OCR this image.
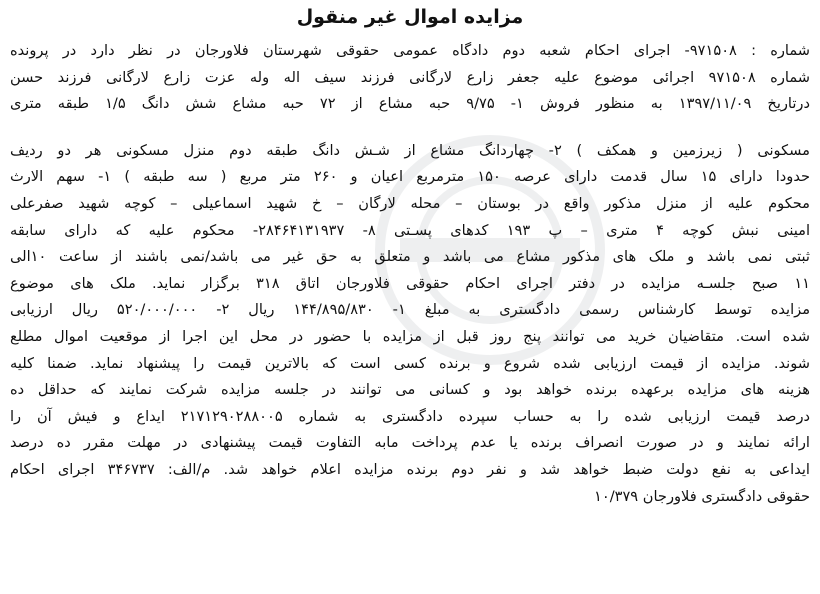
مزایده اموال غیر منقول
شماره : ۹۷۱۵۰۸- اجرای احکام شعبه دوم دادگاه عمومی حقوقی شهرستان فلاورجان در نظر دارد در پرونده
شماره ۹۷۱۵۰۸ اجرائی موضوع علیه جعفر زارع لارگانی فرزند سیف اله وله عزت زارع لارگانی فرزند حسن
درتاریخ ۱۳۹۷/۱۱/۰۹ به منظور فروش ۱- ۹/۷۵ حبه مشاع از ۷۲ حبه مشاع شش دانگ ۱/۵ طبقه متری
مسکونی ( زیرزمین و همکف ) ۲- چهاردانگ مشاع از شـش دانگ طبقه دوم منزل مسکونی هر دو ردیف
حدودا دارای ۱۵ سال قدمت دارای عرصه ۱۵۰ مترمربع اعیان و ۲۶۰ متر مربع ( سه طبقه ) ۱- سهم الارث
محکوم علیه از منزل مذکور واقع در بوستان – محله لارگان – خ شهید اسماعیلی – کوچه شهید صفرعلی
امینی نبش کوچه ۴ متری – پ ۱۹۳ کدهای پسـتی ۸- ۲۸۴۶۴۱۳۱۹۳۷- محکوم علیه که دارای سابقه
ثبتی نمی باشد و ملک های مذکور مشاع می باشد و متعلق به حق غیر می باشد/نمی باشند از ساعت ۱۰الی
۱۱ صبح جلسـه مزایده در دفتر اجرای احکام حقوقی فلاورجان اتاق ۳۱۸ برگزار نماید. ملک های موضوع
مزایده توسط کارشناس رسمی دادگستری به مبلغ ۱- ۱۴۴/۸۹۵/۸۳۰ ریال ۲- ۵۲۰/۰۰۰/۰۰۰ ریال ارزیابی
شده است. متقاضیان خرید می توانند پنج روز قبل از مزایده با حضور در محل این اجرا از موقعیت اموال مطلع
شوند. مزایده از قیمت ارزیابی شده شروع و برنده کسی است که بالاترین قیمت را پیشنهاد نماید. ضمنا کلیه
هزینه های مزایده برعهده برنده خواهد بود و کسانی می توانند در جلسه مزایده شرکت نمایند که حداقل ده
درصد قیمت ارزیابی شده را به حساب سپرده دادگستری به شماره ۲۱۷۱۲۹۰۲۸۸۰۰۵ ایداع و فیش آن را
ارائه نمایند و در صورت انصراف برنده یا عدم پرداخت مابه التفاوت قیمت پیشنهادی در مهلت مقرر ده درصد
ایداعی به نفع دولت ضبط خواهد شد و نفر دوم برنده مزایده اعلام خواهد شد. م/الف: ۳۴۶۷۳۷ اجرای احکام
حقوقی دادگستری فلاورجان ۱۰/۳۷۹
